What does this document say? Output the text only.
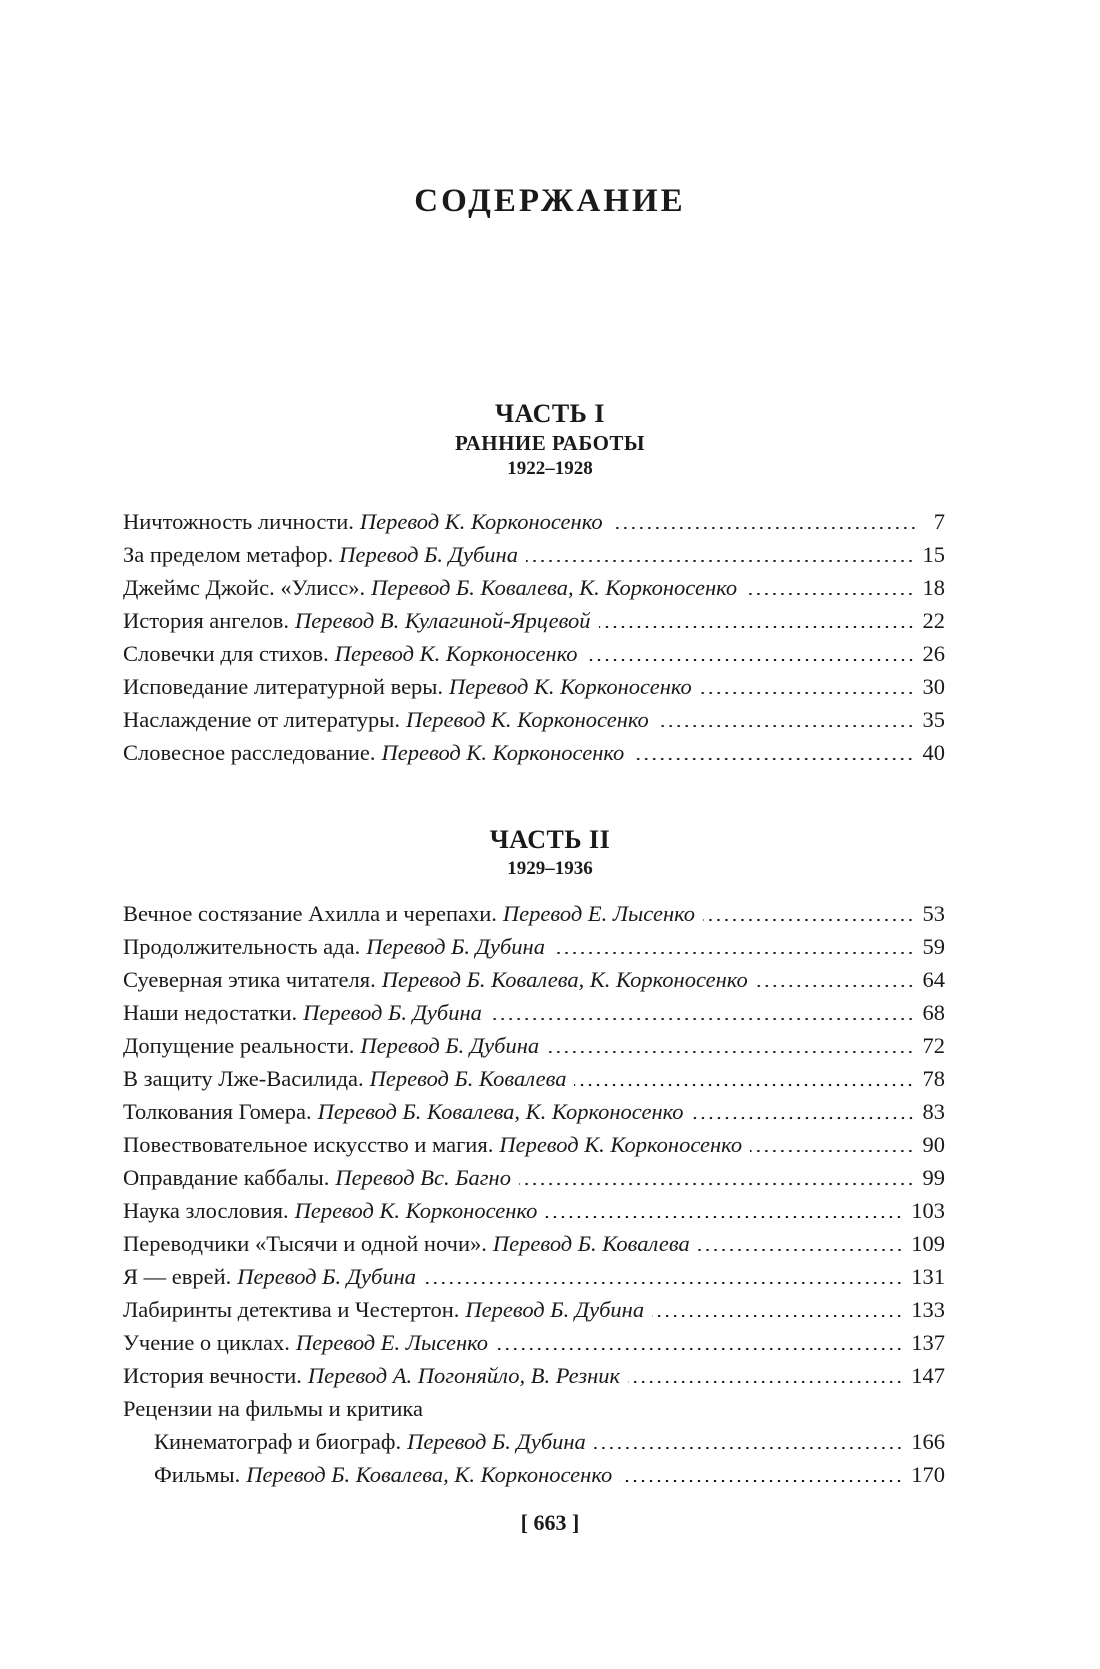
СОДЕРЖАНИЕ
ЧАСТЬ I
РАННИЕ РАБОТЫ
1922–1928
Ничтожность личности. Перевод К. Корконосенко	7
За пределом метафор. Перевод Б. Дубина	15
Джеймс Джойс. «Улисс». Перевод Б. Ковалева, К. Корконосенко	18
История ангелов. Перевод В. Кулагиной-Ярцевой	22
Словечки для стихов. Перевод К. Корконосенко	26
Исповедание литературной веры. Перевод К. Корконосенко	30
Наслаждение от литературы. Перевод К. Корконосенко	35
Словесное расследование. Перевод К. Корконосенко	40
ЧАСТЬ II
1929–1936
Вечное состязание Ахилла и черепахи. Перевод Е. Лысенко	53
Продолжительность ада. Перевод Б. Дубина	59
Суеверная этика читателя. Перевод Б. Ковалева, К. Корконосенко	64
Наши недостатки. Перевод Б. Дубина	68
Допущение реальности. Перевод Б. Дубина	72
В защиту Лже-Василида. Перевод Б. Ковалева	78
Толкования Гомера. Перевод Б. Ковалева, К. Корконосенко	83
Повествовательное искусство и магия. Перевод К. Корконосенко	90
Оправдание каббалы. Перевод Вс. Багно	99
Наука злословия. Перевод К. Корконосенко	103
Переводчики «Тысячи и одной ночи». Перевод Б. Ковалева	109
Я — еврей. Перевод Б. Дубина	131
Лабиринты детектива и Честертон. Перевод Б. Дубина	133
Учение о циклах. Перевод Е. Лысенко	137
История вечности. Перевод А. Погоняйло, В. Резник	147
Рецензии на фильмы и критика
Кинематограф и биограф. Перевод Б. Дубина	166
Фильмы. Перевод Б. Ковалева, К. Корконосенко	170
[ 663 ]
